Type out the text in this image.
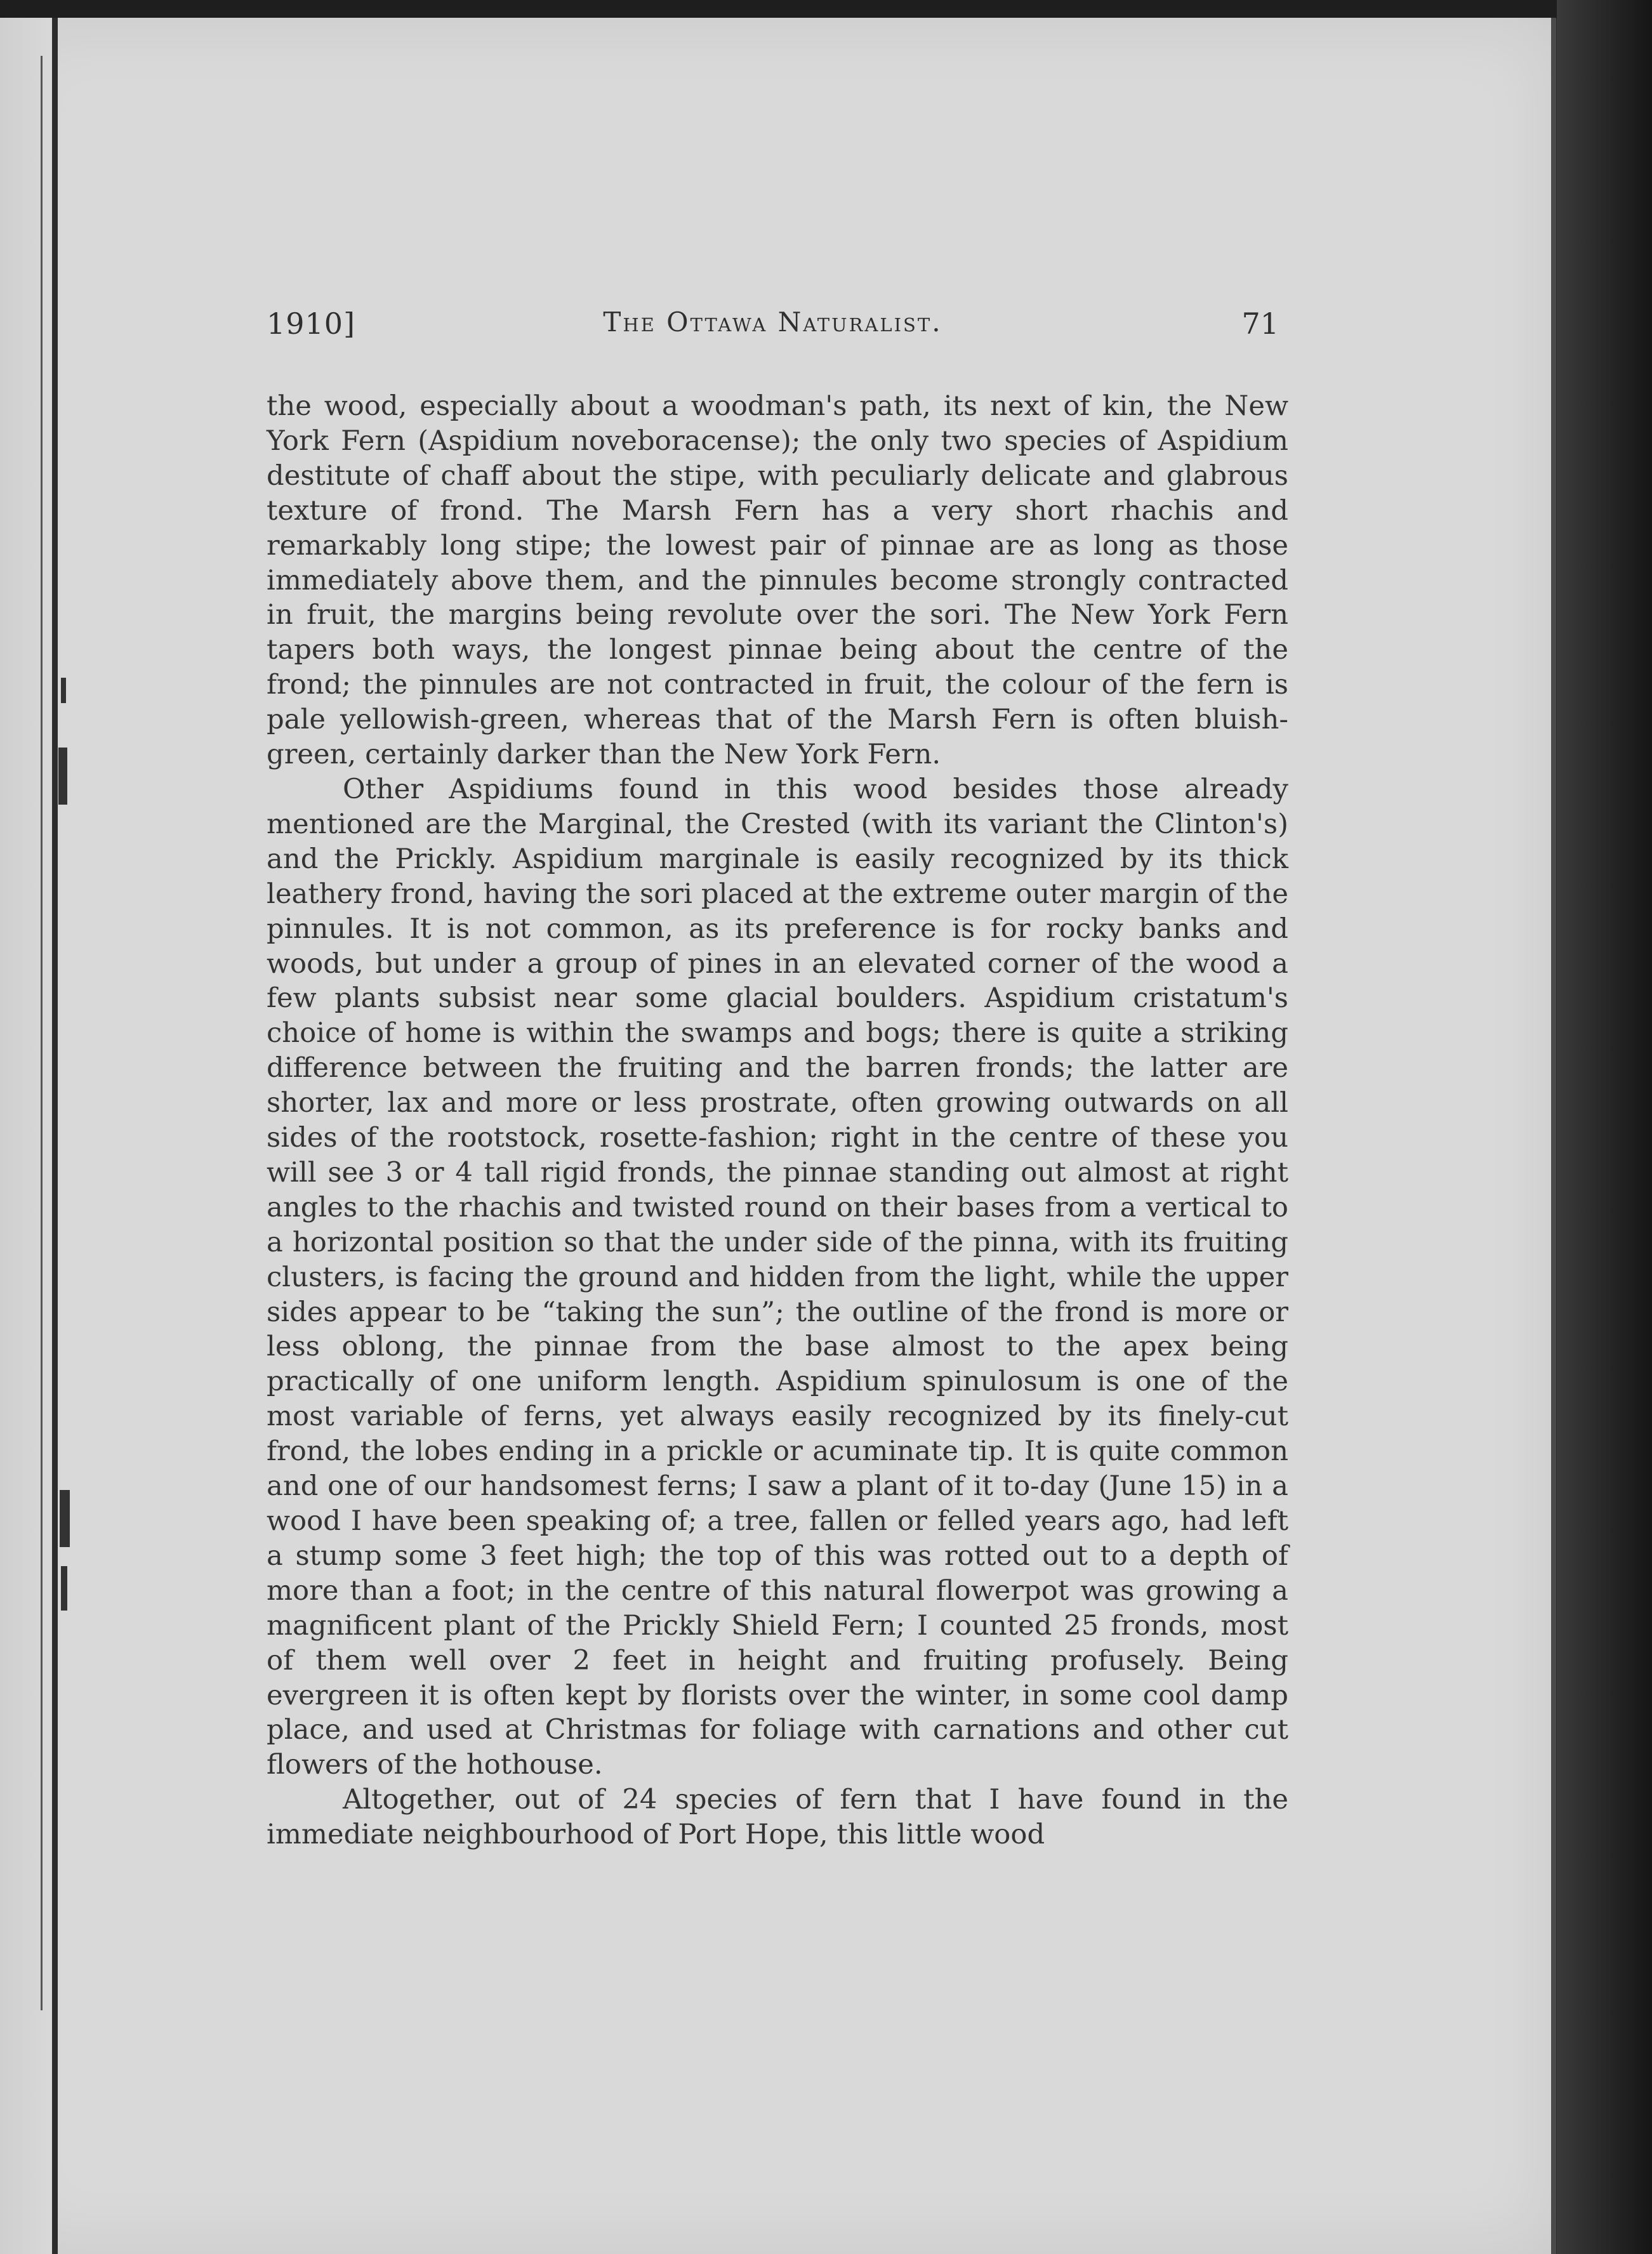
1910]	The Ottawa Naturalist.	71

the wood, especially about a woodman's path, its next of kin, the New York Fern (Aspidium noveboracense); the only two species of Aspidium destitute of chaff about the stipe, with peculiarly delicate and glabrous texture of frond. The Marsh Fern has a very short rhachis and remarkably long stipe; the lowest pair of pinnae are as long as those immediately above them, and the pinnules become strongly contracted in fruit, the margins being revolute over the sori. The New York Fern tapers both ways, the longest pinnae being about the centre of the frond; the pinnules are not contracted in fruit, the colour of the fern is pale yellowish-green, whereas that of the Marsh Fern is often bluish-green, certainly darker than the New York Fern.

Other Aspidiums found in this wood besides those already mentioned are the Marginal, the Crested (with its variant the Clinton's) and the Prickly. Aspidium marginale is easily recognized by its thick leathery frond, having the sori placed at the extreme outer margin of the pinnules. It is not common, as its preference is for rocky banks and woods, but under a group of pines in an elevated corner of the wood a few plants subsist near some glacial boulders. Aspidium cristatum's choice of home is within the swamps and bogs; there is quite a striking difference between the fruiting and the barren fronds; the latter are shorter, lax and more or less prostrate, often growing outwards on all sides of the rootstock, rosette-fashion; right in the centre of these you will see 3 or 4 tall rigid fronds, the pinnae standing out almost at right angles to the rhachis and twisted round on their bases from a vertical to a horizontal position so that the under side of the pinna, with its fruiting clusters, is facing the ground and hidden from the light, while the upper sides appear to be “taking the sun”; the outline of the frond is more or less oblong, the pinnae from the base almost to the apex being practically of one uniform length. Aspidium spinulosum is one of the most variable of ferns, yet always easily recognized by its finely-cut frond, the lobes ending in a prickle or acuminate tip. It is quite common and one of our handsomest ferns; I saw a plant of it to-day (June 15) in a wood I have been speaking of; a tree, fallen or felled years ago, had left a stump some 3 feet high; the top of this was rotted out to a depth of more than a foot; in the centre of this natural flowerpot was growing a magnificent plant of the Prickly Shield Fern; I counted 25 fronds, most of them well over 2 feet in height and fruiting profusely. Being evergreen it is often kept by florists over the winter, in some cool damp place, and used at Christmas for foliage with carnations and other cut flowers of the hothouse.

Altogether, out of 24 species of fern that I have found in the immediate neighbourhood of Port Hope, this little wood
